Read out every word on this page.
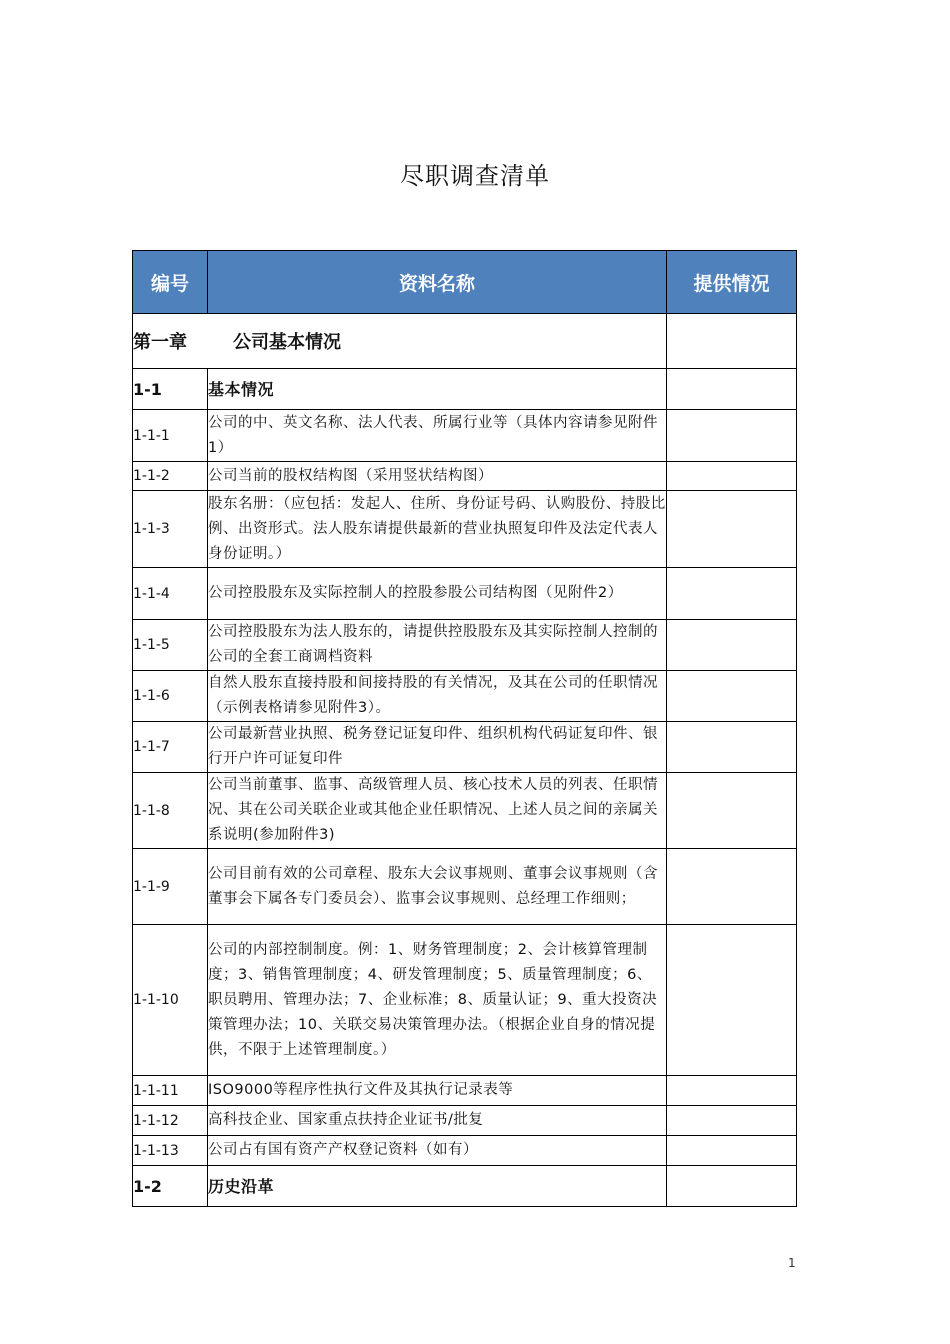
尽职调查清单
编号	资料名称	提供情况
第一章 公司基本情况		
1-1	基本情况	
1-1-1	公司的中、英文名称、法人代表、所属行业等（具体内容请参见附件1）	
1-1-2	公司当前的股权结构图（采用竖状结构图）	
1-1-3	股东名册：（应包括：发起人、住所、身份证号码、认购股份、持股比例、出资形式。法人股东请提供最新的营业执照复印件及法定代表人身份证明。）	
1-1-4	公司控股股东及实际控制人的控股参股公司结构图（见附件2）	
1-1-5	公司控股股东为法人股东的，请提供控股股东及其实际控制人控制的公司的全套工商调档资料	
1-1-6	自然人股东直接持股和间接持股的有关情况，及其在公司的任职情况（示例表格请参见附件3）。	
1-1-7	公司最新营业执照、税务登记证复印件、组织机构代码证复印件、银行开户许可证复印件	
1-1-8	公司当前董事、监事、高级管理人员、核心技术人员的列表、任职情况、其在公司关联企业或其他企业任职情况、上述人员之间的亲属关系说明(参加附件3)	
1-1-9	公司目前有效的公司章程、股东大会议事规则、董事会议事规则（含董事会下属各专门委员会）、监事会议事规则、总经理工作细则；	
1-1-10	公司的内部控制制度。例：1、财务管理制度；2、会计核算管理制度；3、销售管理制度；4、研发管理制度；5、质量管理制度；6、职员聘用、管理办法；7、企业标准；8、质量认证；9、重大投资决策管理办法；10、关联交易决策管理办法。（根据企业自身的情况提供，不限于上述管理制度。）	
1-1-11	ISO9000等程序性执行文件及其执行记录表等	
1-1-12	高科技企业、国家重点扶持企业证书/批复	
1-1-13	公司占有国有资产产权登记资料（如有）	
1-2	历史沿革	
1
